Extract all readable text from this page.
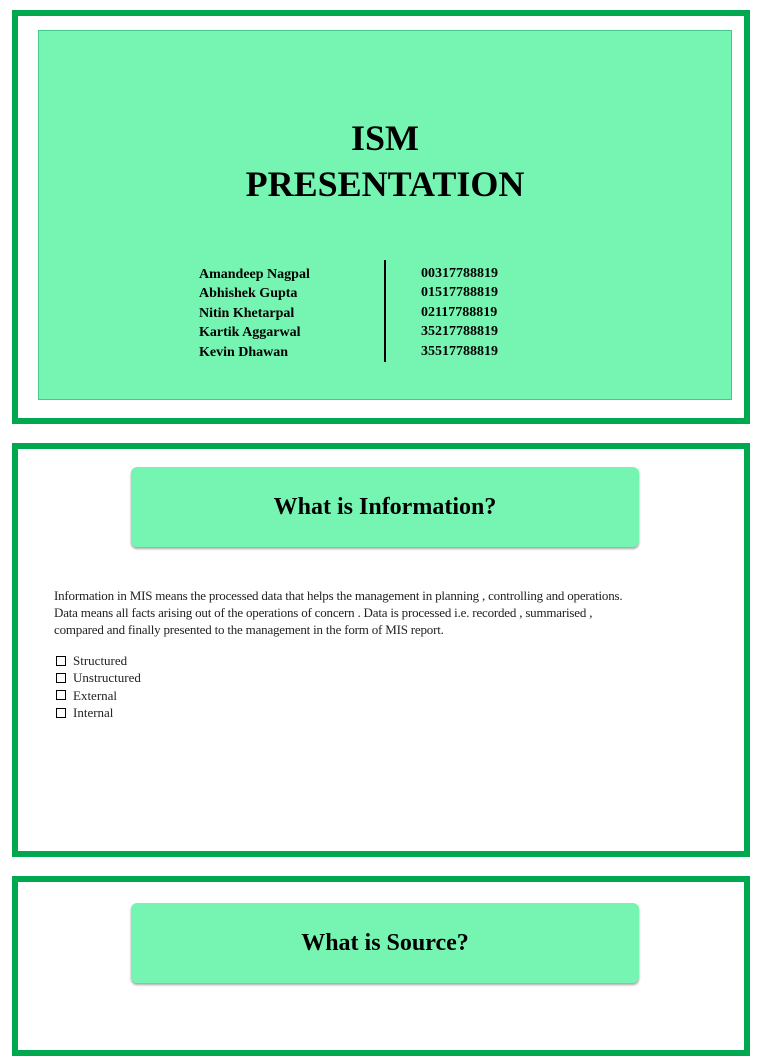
ISM
PRESENTATION
Amandeep Nagpal
Abhishek Gupta
Nitin Khetarpal
Kartik Aggarwal
Kevin Dhawan
00317788819
01517788819
02117788819
35217788819
35517788819
What is Information?
Information in MIS means the processed data that helps the management in planning , controlling and operations.
Data means all facts arising out of the operations of concern . Data is processed i.e. recorded , summarised ,
compared and finally presented to the management in the form of MIS report.
Structured
Unstructured
External
Internal
What is Source?
